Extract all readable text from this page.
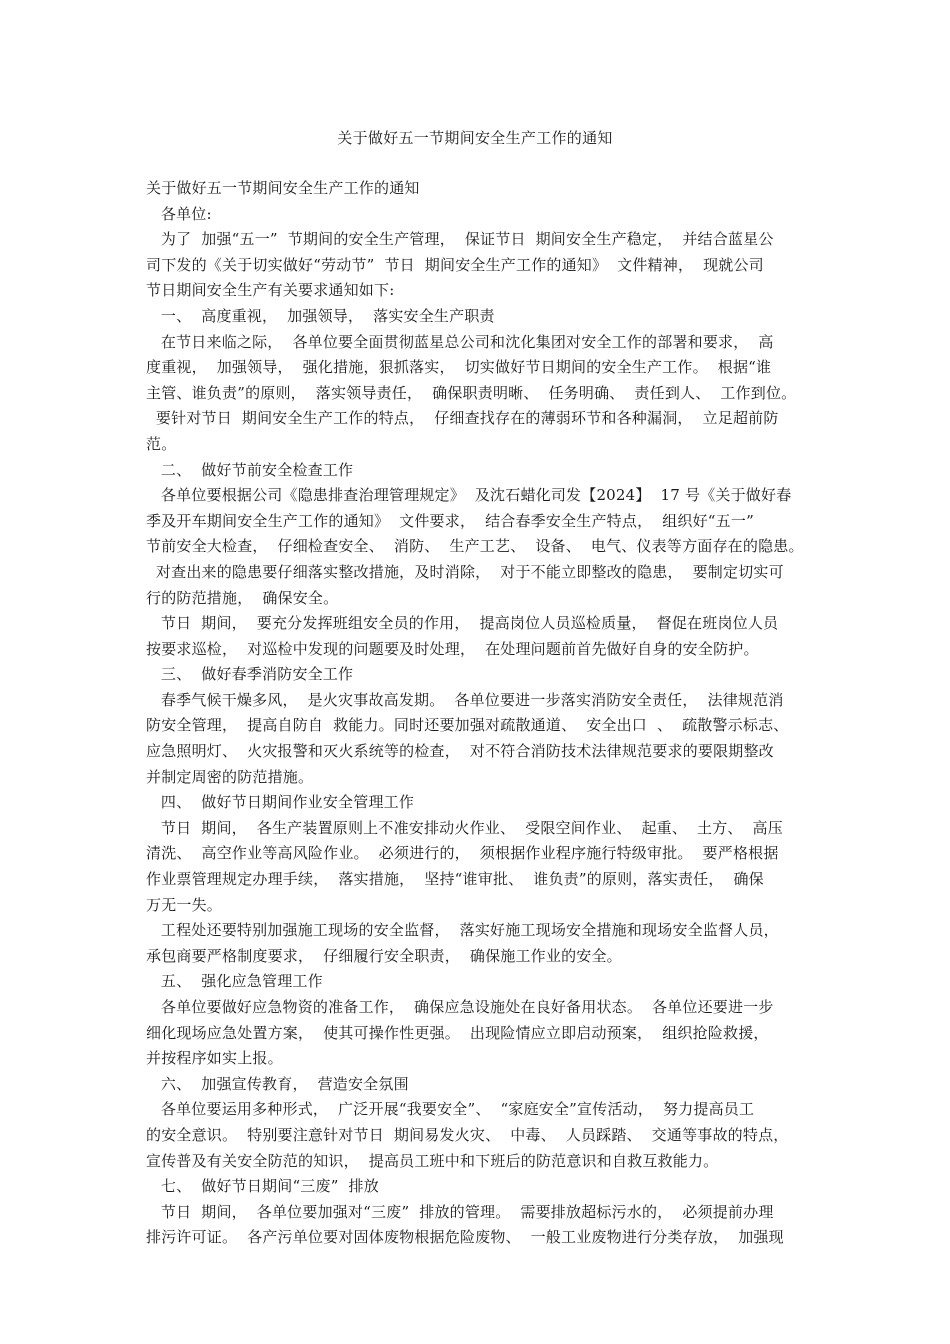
关于做好五一节期间安全生产工作的通知
关于做好五一节期间安全生产工作的通知
各单位:
为了  加强“五一”  节期间的安全生产管理，  保证节日  期间安全生产稳定，  并结合蓝星公
司下发的《关于切实做好“劳动节”  节日  期间安全生产工作的通知》  文件精神，  现就公司
节日期间安全生产有关要求通知如下:
一、  高度重视，  加强领导，  落实安全生产职责
在节日来临之际，  各单位要全面贯彻蓝星总公司和沈化集团对安全工作的部署和要求，  高
度重视，  加强领导，  强化措施，狠抓落实，  切实做好节日期间的安全生产工作。  根据“谁
主管、谁负责”的原则，  落实领导责任，  确保职责明晰、  任务明确、  责任到人、  工作到位。
要针对节日  期间安全生产工作的特点，  仔细查找存在的薄弱环节和各种漏洞，  立足超前防
范。
二、  做好节前安全检查工作
各单位要根据公司《隐患排查治理管理规定》  及沈石蜡化司发【2024】  17 号《关于做好春
季及开车期间安全生产工作的通知》  文件要求，  结合春季安全生产特点，  组织好“五一”
节前安全大检查，  仔细检查安全、  消防、  生产工艺、  设备、  电气、仪表等方面存在的隐患。
对查出来的隐患要仔细落实整改措施，及时消除，  对于不能立即整改的隐患，  要制定切实可
行的防范措施，  确保安全。
节日  期间，  要充分发挥班组安全员的作用，  提高岗位人员巡检质量，  督促在班岗位人员
按要求巡检，  对巡检中发现的问题要及时处理，  在处理问题前首先做好自身的安全防护。
三、  做好春季消防安全工作
春季气候干燥多风，  是火灾事故高发期。  各单位要进一步落实消防安全责任，  法律规范消
防安全管理，  提高自防自  救能力。同时还要加强对疏散通道、  安全出口  、  疏散警示标志、
应急照明灯、  火灾报警和灭火系统等的检查，  对不符合消防技术法律规范要求的要限期整改
并制定周密的防范措施。
四、  做好节日期间作业安全管理工作
节日  期间，  各生产装置原则上不准安排动火作业、  受限空间作业、  起重、  土方、  高压
清洗、  高空作业等高风险作业。  必须进行的，  须根据作业程序施行特级审批。  要严格根据
作业票管理规定办理手续，  落实措施，  坚持“谁审批、  谁负责”的原则，落实责任，  确保
万无一失。
工程处还要特别加强施工现场的安全监督，  落实好施工现场安全措施和现场安全监督人员，
承包商要严格制度要求，  仔细履行安全职责，  确保施工作业的安全。
五、  强化应急管理工作
各单位要做好应急物资的准备工作，  确保应急设施处在良好备用状态。  各单位还要进一步
细化现场应急处置方案，  使其可操作性更强。  出现险情应立即启动预案，  组织抢险救援，
并按程序如实上报。
六、  加强宣传教育，  营造安全氛围
各单位要运用多种形式，  广泛开展“我要安全”、  “家庭安全”宣传活动，  努力提高员工
的安全意识。  特别要注意针对节日  期间易发火灾、  中毒、  人员踩踏、  交通等事故的特点，
宣传普及有关安全防范的知识，  提高员工班中和下班后的防范意识和自救互救能力。
七、  做好节日期间“三废”  排放
节日  期间，  各单位要加强对“三废”  排放的管理。  需要排放超标污水的，  必须提前办理
排污许可证。  各产污单位要对固体废物根据危险废物、  一般工业废物进行分类存放，  加强现
